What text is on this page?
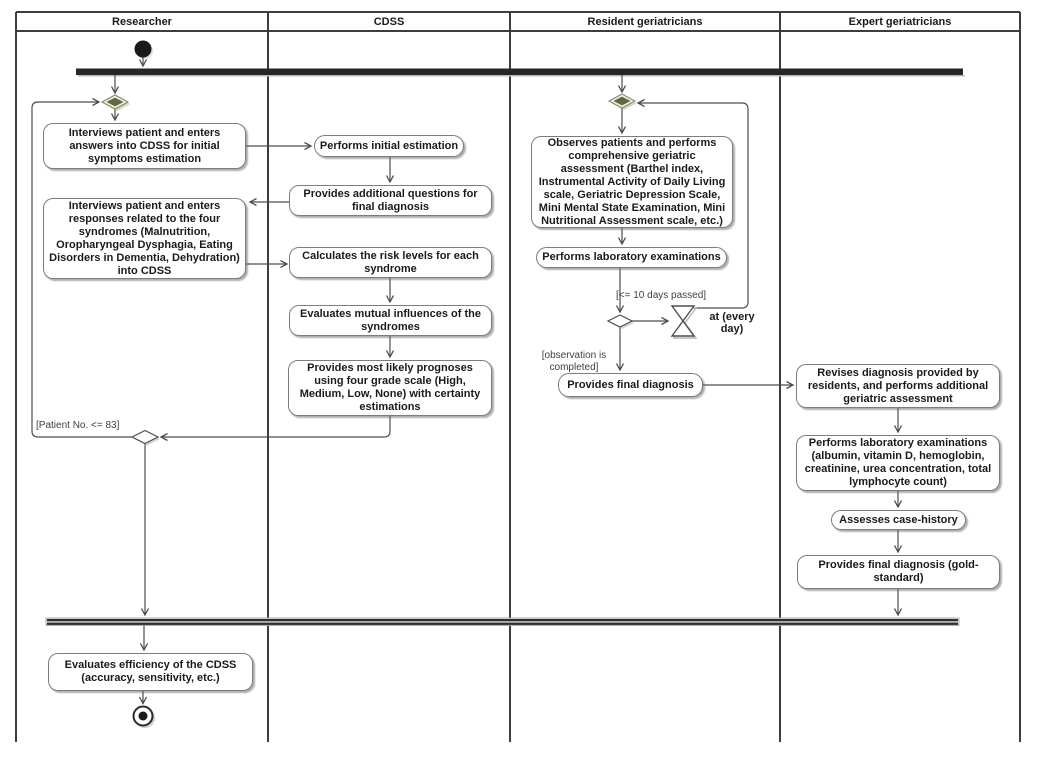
Researcher	CDSS	Resident geriatricians	Expert geriatricians
Interviews patient and enters answers into CDSS for initial symptoms estimation
Interviews patient and enters responses related to the four syndromes (Malnutrition, Oropharyngeal Dysphagia, Eating Disorders in Dementia, Dehydration) into CDSS
[Patient No. <= 83]
Evaluates efficiency of the CDSS (accuracy, sensitivity, etc.)
Performs initial estimation
Provides additional questions for final diagnosis
Calculates the risk levels for each syndrome
Evaluates mutual influences of the syndromes
Provides most likely prognoses using four grade scale (High, Medium, Low, None) with certainty estimations
Observes patients and performs comprehensive geriatric assessment (Barthel index, Instrumental Activity of Daily Living scale, Geriatric Depression Scale, Mini Mental State Examination, Mini Nutritional Assessment scale, etc.)
Performs laboratory examinations
[<= 10 days passed]
at (every day)
[observation is completed]
Provides final diagnosis
Revises diagnosis provided by residents, and performs additional geriatric assessment
Performs laboratory examinations (albumin, vitamin D, hemoglobin, creatinine, urea concentration, total lymphocyte count)
Assesses case-history
Provides final diagnosis (gold-standard)
